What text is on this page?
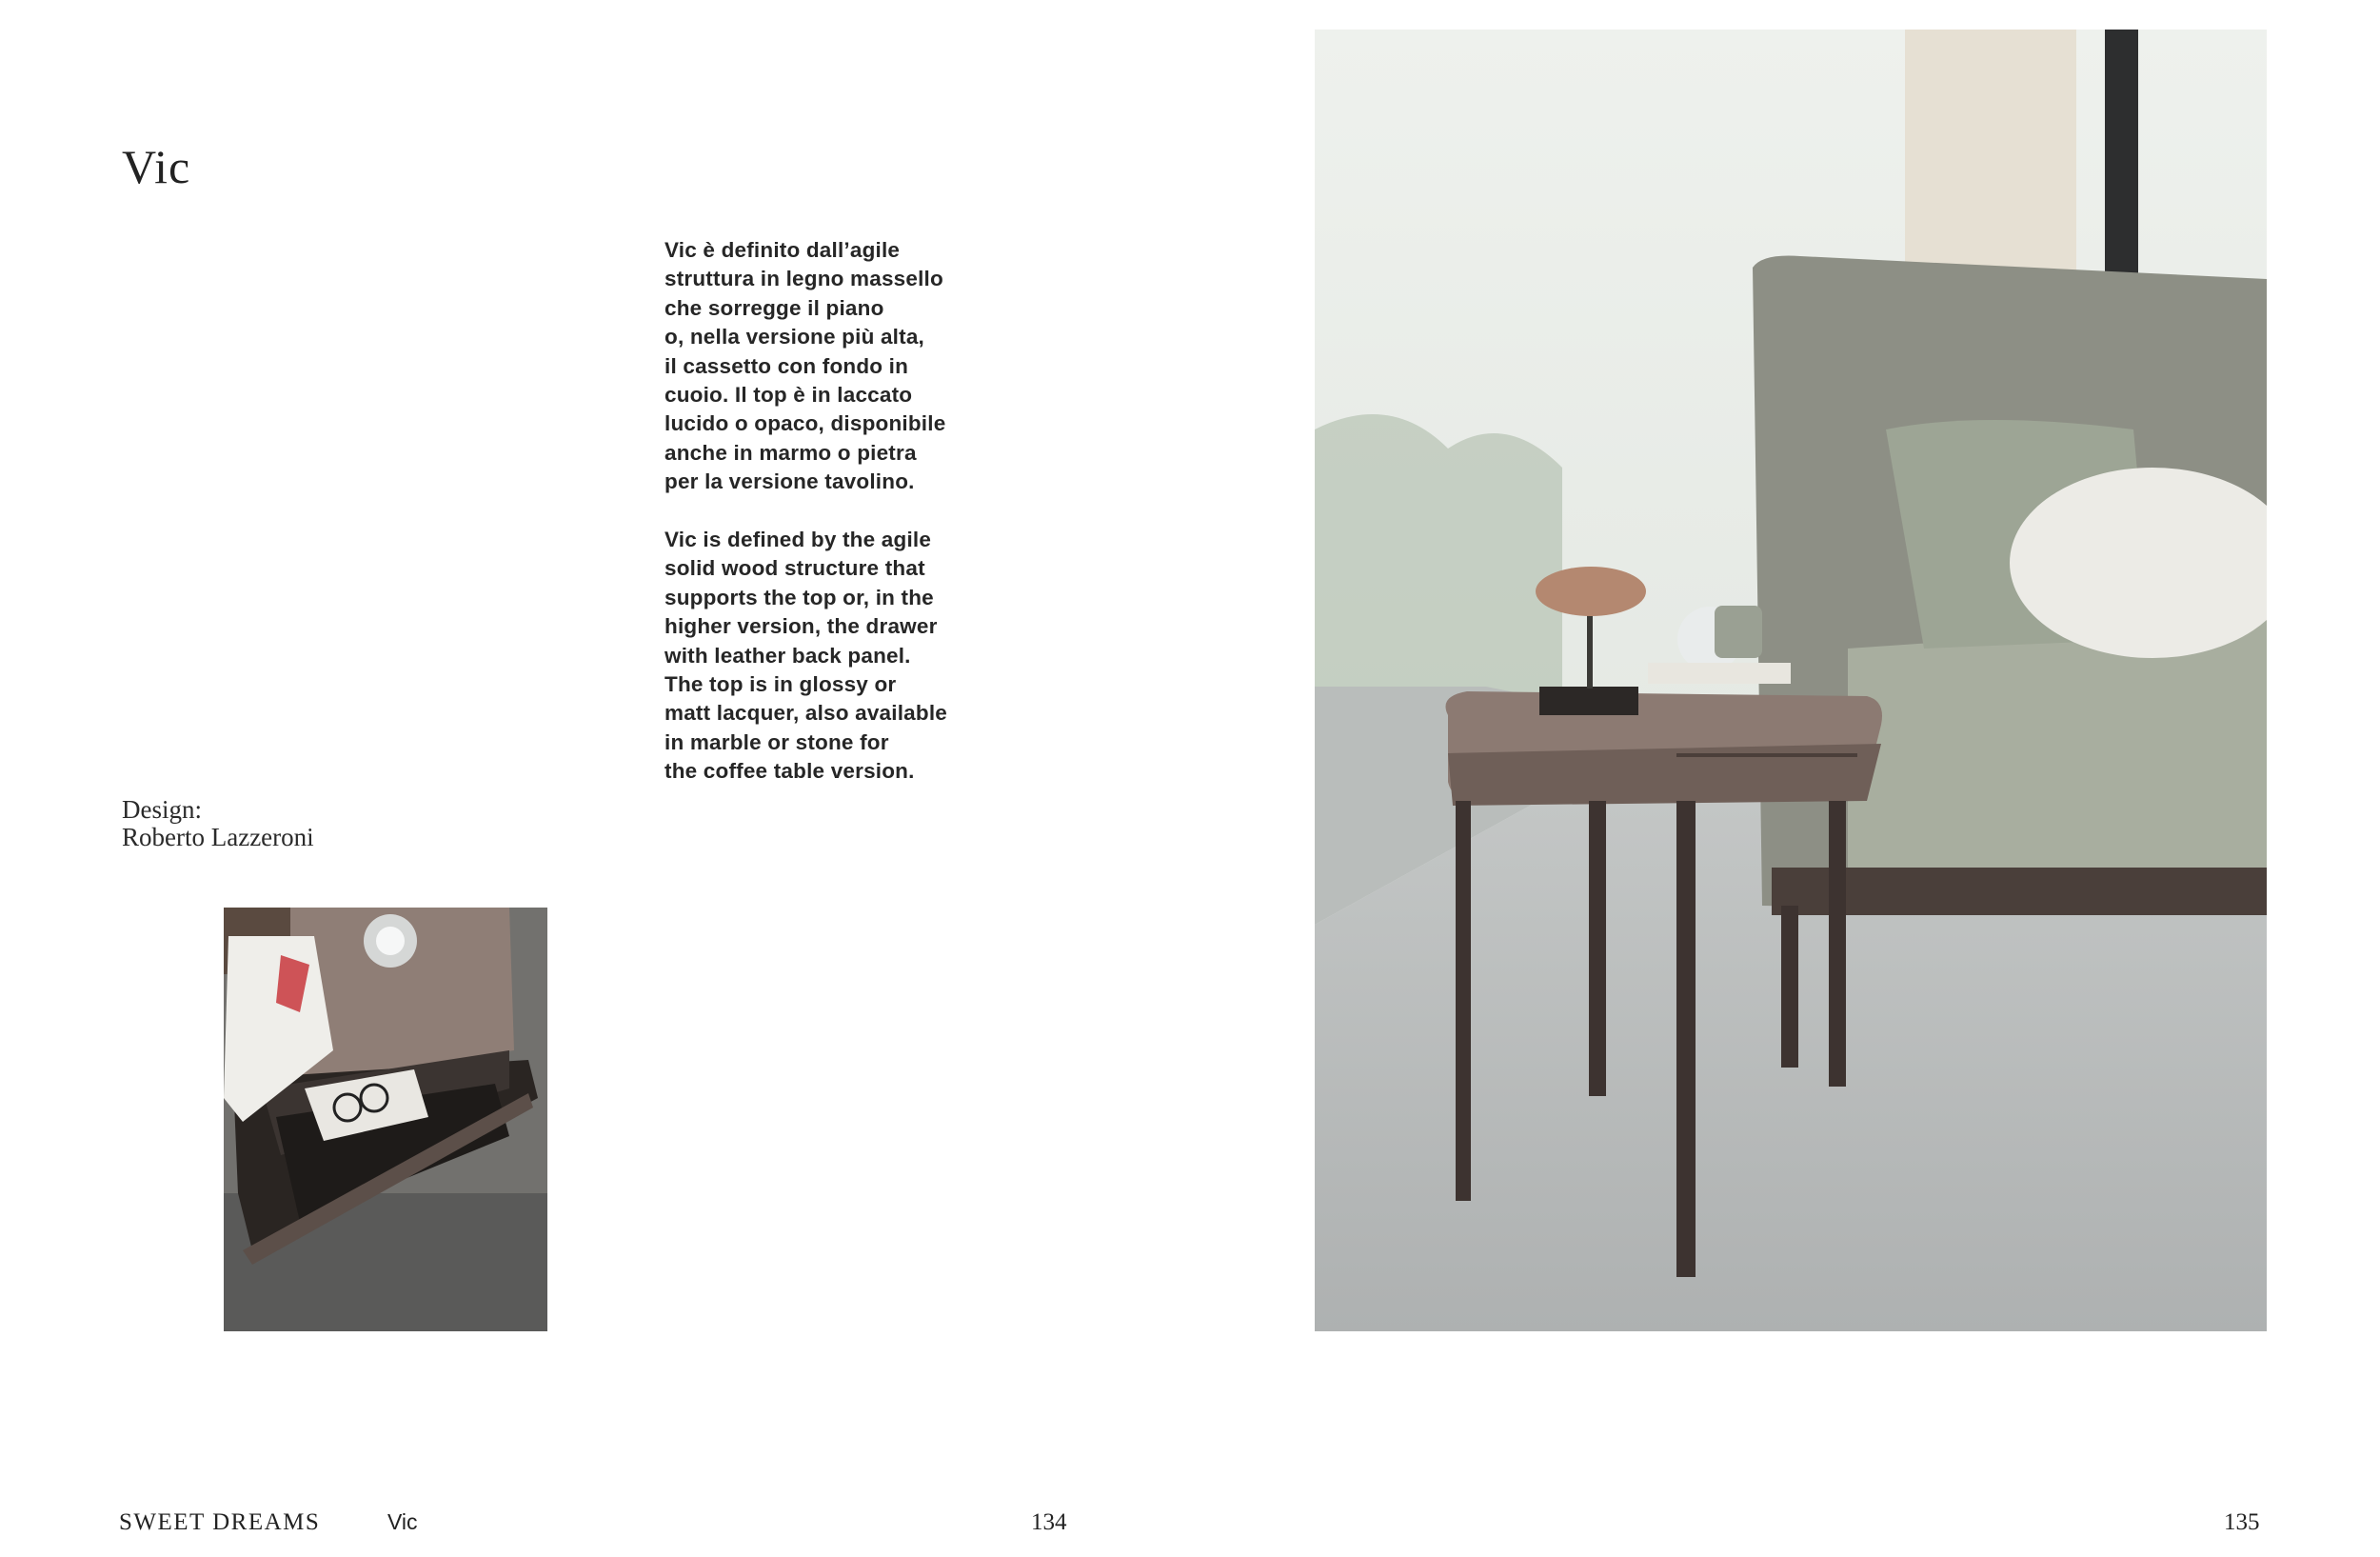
Vic

Vic è definito dall’agile
struttura in legno massello
che sorregge il piano
o, nella versione più alta,
il cassetto con fondo in
cuoio. Il top è in laccato
lucido o opaco, disponibile
anche in marmo o pietra
per la versione tavolino.

Vic is defined by the agile
solid wood structure that
supports the top or, in the
higher version, the drawer
with leather back panel.
The top is in glossy or
matt lacquer, also available
in marble or stone for
the coffee table version.

Design:
Roberto Lazzeroni
SWEET DREAMS	Vic	134	135
